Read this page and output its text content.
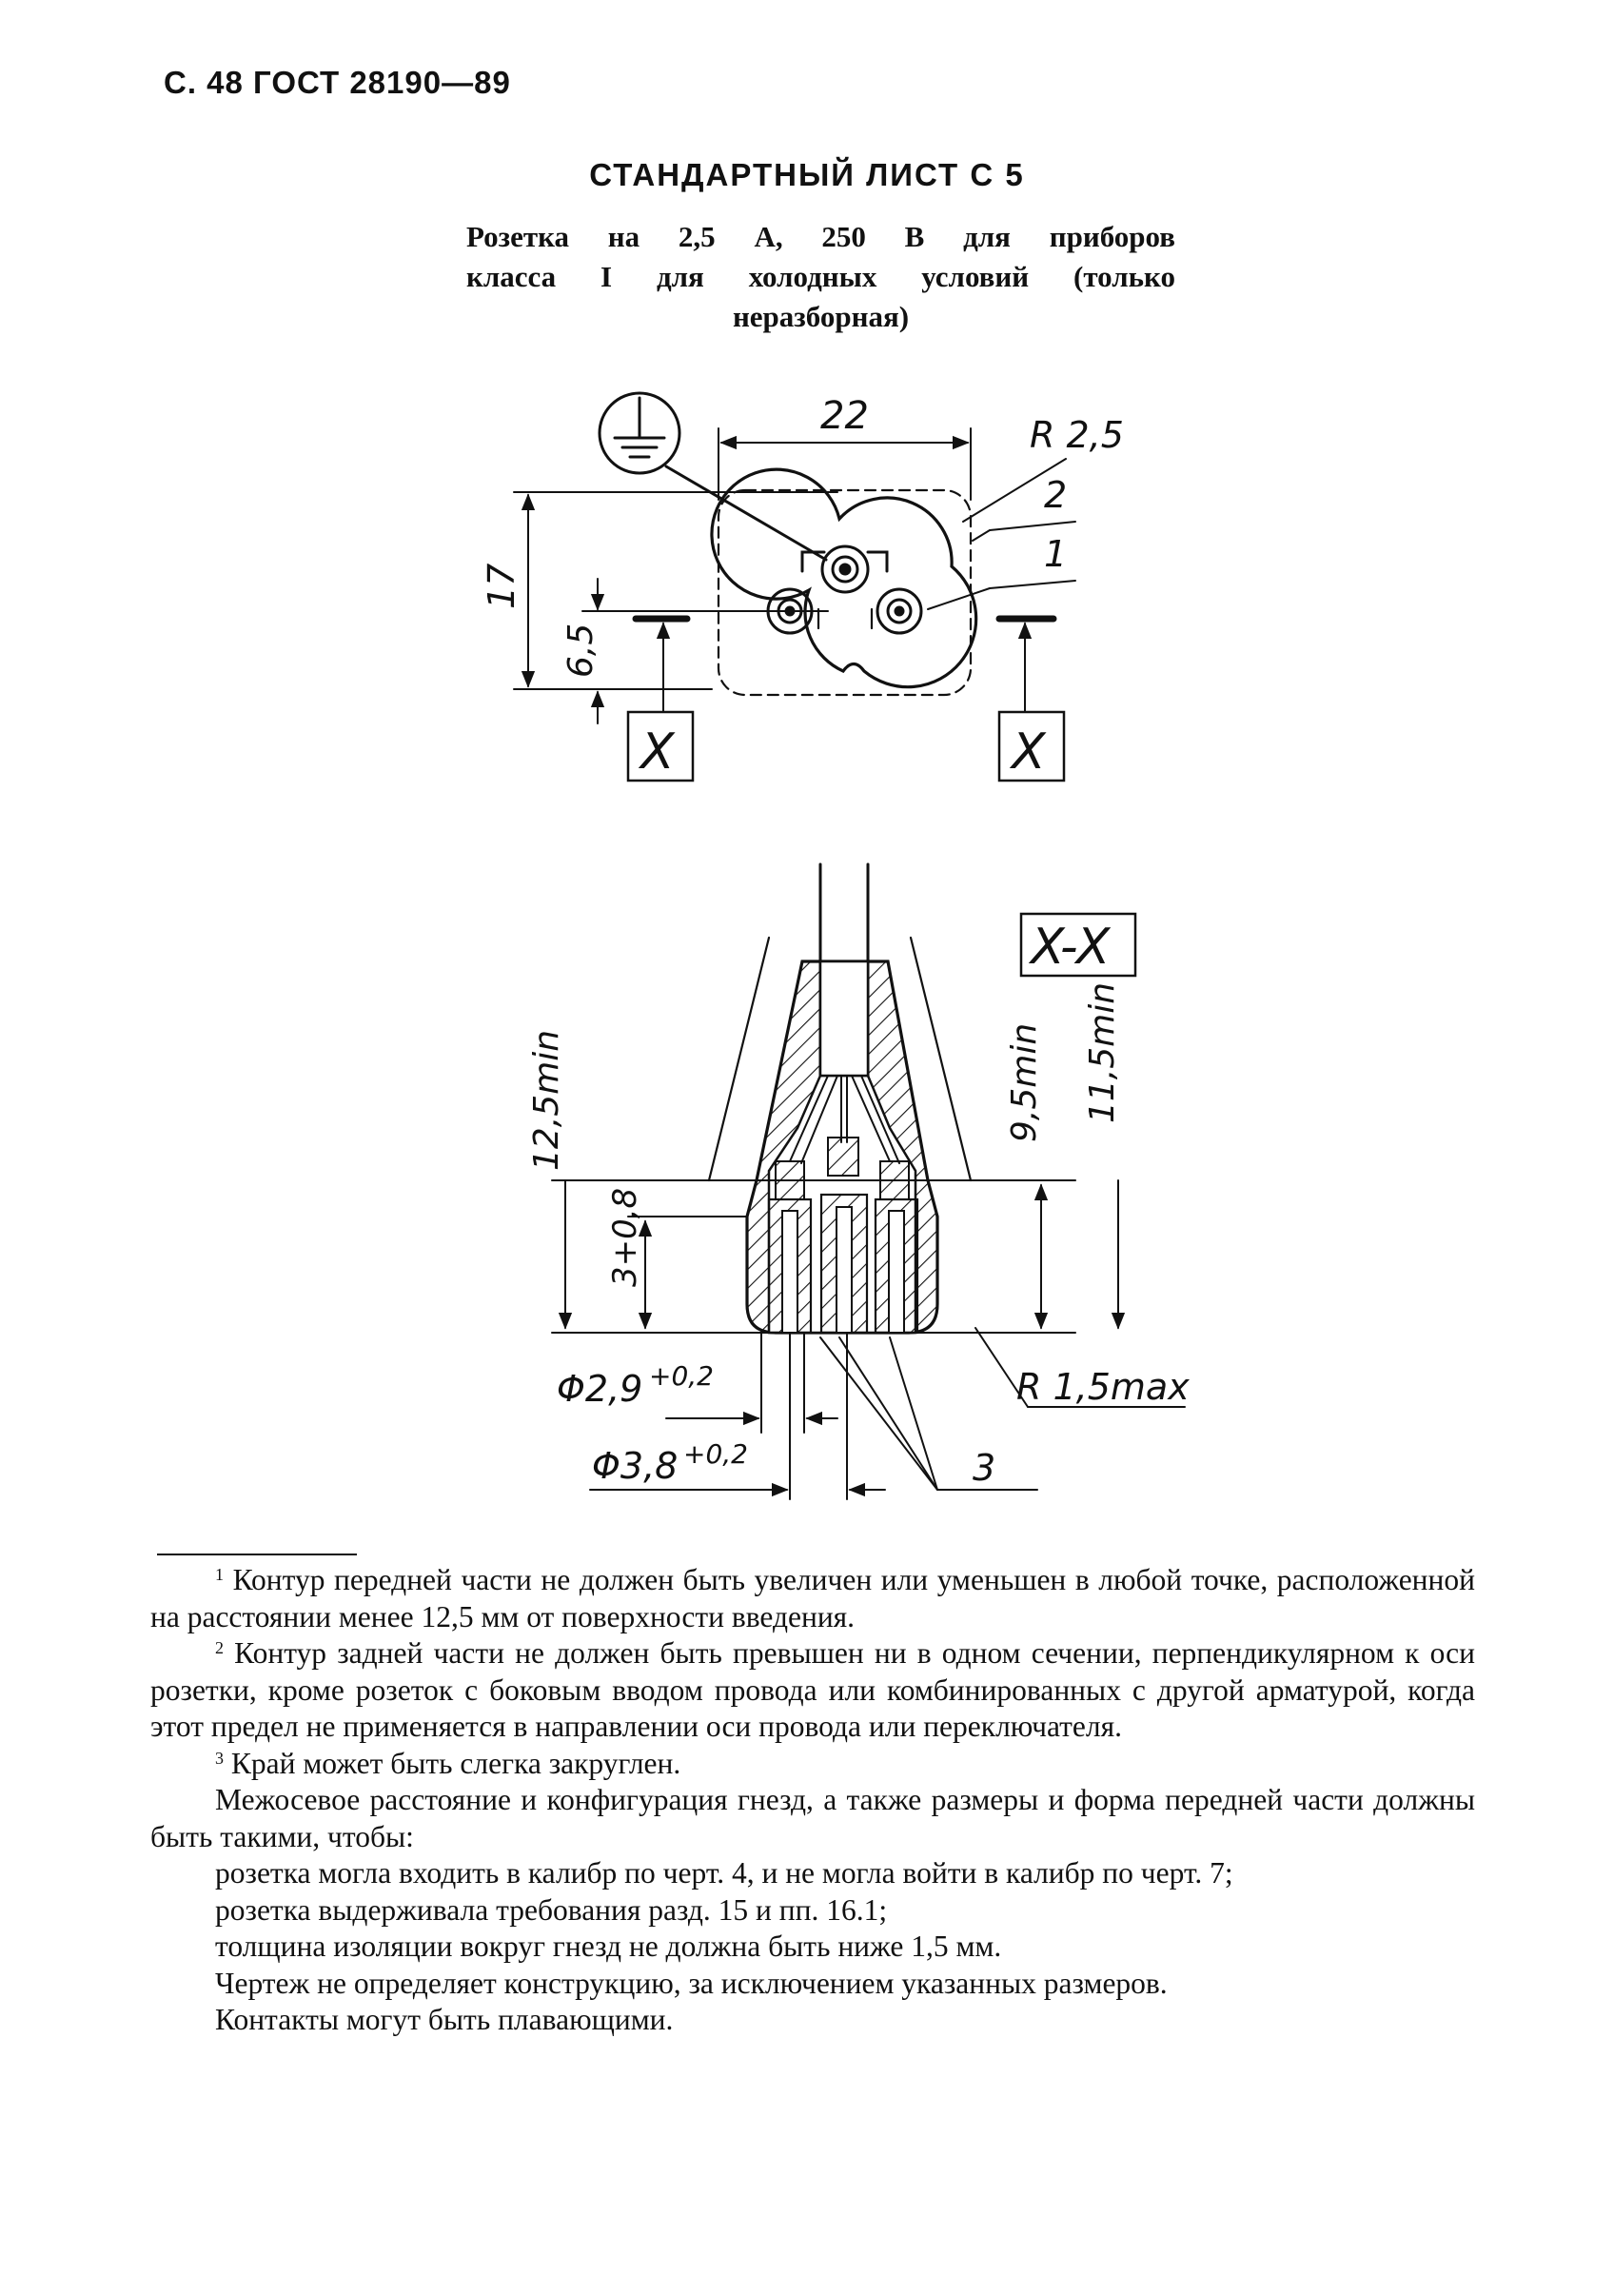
С. 48 ГОСТ 28190—89
СТАНДАРТНЫЙ ЛИСТ С 5
Розетка на 2,5 А, 250 В для приборов
класса I для холодных условий (только
неразборная)
22	R 2,5
2
1
17
6,5
X	X
X-X
12,5min
3+0,8
9,5min 11,5min
Φ2,9 +0,2
Φ3,8 +0,2
R 1,5max
3

$^1$ Контур передней части не должен быть увеличен или уменьшен в любой точке, расположенной на расстоянии менее 12,5 мм от поверхности введения.

$^2$ Контур задней части не должен быть превышен ни в одном сечении, перпендикулярном к оси розетки, кроме розеток с боковым вводом провода или комбинированных с другой арматурой, когда этот предел не применяется в направлении оси провода или переключателя.

$^3$ Край может быть слегка закруглен.

Межосевое расстояние и конфигурация гнезд, а также размеры и форма передней части должны быть такими, чтобы:

розетка могла входить в калибр по черт. 4, и не могла войти в калибр по черт. 7;

розетка выдерживала требования разд. 15 и пп. 16.1;

толщина изоляции вокруг гнезд не должна быть ниже 1,5 мм.

Чертеж не определяет конструкцию, за исключением указанных размеров.

Контакты могут быть плавающими.
